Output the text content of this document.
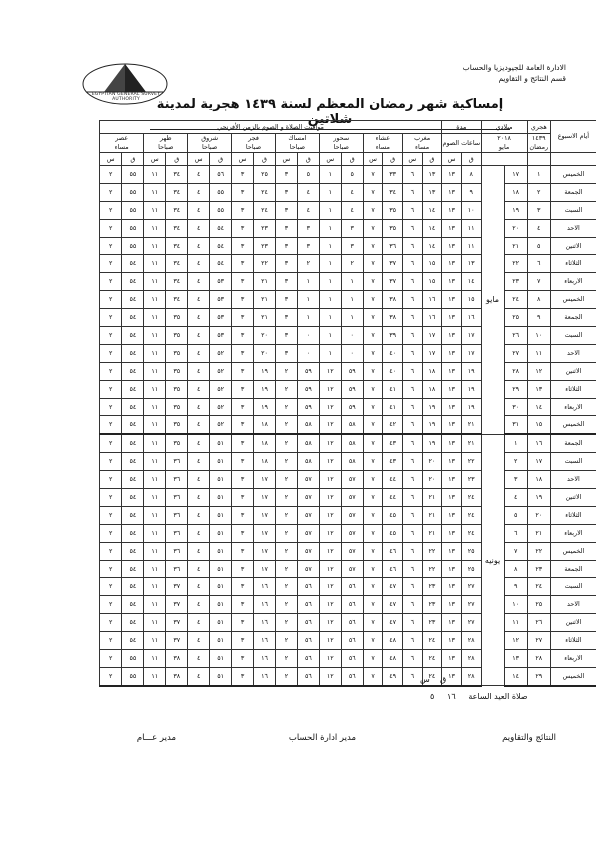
الادارة العامة للجيوديزيا والحساب
قسم النتائج و التقاويم
EGYPTIAN GENERAL SURVEY AUTHORITY	إمساكية شهر رمضان المعظم لسنة ١٤٣٩ هجرية لمدينة شلاتين
أيام الاسبوع	هجري	ميلادي		مدة		مواقيت الصلاة و الصوم بالزمن الأفرنجي															
	١٤٣٩
رمضان	٢٠١٨
مايو		ساعات الصوم		مغرب
مساء		عشاء
مساء		سحور
صباحا		امساك
صباحا		فجر
صباحا		شروق
صباحا		ظهر
صباحا		عصر
مساء	
				ق	س	ق	س	ق	س	ق	س	ق	س	ق	س	ق	س	ق	س	ق	س
الخميس	١	١٧	مايو	٨	١٣	١٣	٦	٣٣	٧	٥	١	٥	٣	٢٥	٣	٥٦	٤	٣٤	١١	٥٥	٢
الجمعة	٢	١٨		٩	١٣	١٣	٦	٣٤	٧	٤	١	٤	٣	٢٤	٣	٥٥	٤	٣٤	١١	٥٥	٢
السبت	٣	١٩		١٠	١٣	١٤	٦	٣٥	٧	٤	١	٤	٣	٢٤	٣	٥٥	٤	٣٤	١١	٥٥	٢
الاحد	٤	٢٠		١١	١٣	١٤	٦	٣٥	٧	٣	١	٣	٣	٢٣	٣	٥٤	٤	٣٤	١١	٥٥	٢
الاثنين	٥	٢١		١١	١٣	١٤	٦	٣٦	٧	٣	١	٣	٣	٢٣	٣	٥٤	٤	٣٤	١١	٥٥	٢
الثلاثاء	٦	٢٢		١٣	١٣	١٥	٦	٣٧	٧	٢	١	٢	٣	٢٢	٣	٥٤	٤	٣٤	١١	٥٤	٢
الاربعاء	٧	٢٣		١٤	١٣	١٥	٦	٣٧	٧	١	١	١	٣	٢١	٣	٥٣	٤	٣٤	١١	٥٤	٢
الخميس	٨	٢٤		١٥	١٣	١٦	٦	٣٨	٧	١	١	١	٣	٢١	٣	٥٣	٤	٣٤	١١	٥٤	٢
الجمعة	٩	٢٥		١٦	١٣	١٦	٦	٣٨	٧	١	١	١	٣	٢١	٣	٥٣	٤	٣٥	١١	٥٤	٢
السبت	١٠	٢٦		١٧	١٣	١٧	٦	٣٩	٧	٠	١	٠	٣	٢٠	٣	٥٣	٤	٣٥	١١	٥٤	٢
الاحد	١١	٢٧		١٧	١٣	١٧	٦	٤٠	٧	٠	١	٠	٣	٢٠	٣	٥٢	٤	٣٥	١١	٥٤	٢
الاثنين	١٢	٢٨		١٩	١٣	١٨	٦	٤٠	٧	٥٩	١٢	٥٩	٢	١٩	٣	٥٢	٤	٣٥	١١	٥٤	٢
الثلاثاء	١٣	٢٩		١٩	١٣	١٨	٦	٤١	٧	٥٩	١٢	٥٩	٢	١٩	٣	٥٢	٤	٣٥	١١	٥٤	٢
الاربعاء	١٤	٣٠		١٩	١٣	١٩	٦	٤١	٧	٥٩	١٢	٥٩	٢	١٩	٣	٥٢	٤	٣٥	١١	٥٤	٢
الخميس	١٥	٣١		٢١	١٣	١٩	٦	٤٢	٧	٥٨	١٢	٥٨	٢	١٨	٣	٥٢	٤	٣٥	١١	٥٤	٢
الجمعة	١٦	١	يونيه	٢١	١٣	١٩	٦	٤٣	٧	٥٨	١٢	٥٨	٢	١٨	٣	٥١	٤	٣٥	١١	٥٤	٢
السبت	١٧	٢		٢٢	١٣	٢٠	٦	٤٣	٧	٥٨	١٢	٥٨	٢	١٨	٣	٥١	٤	٣٦	١١	٥٤	٢
الاحد	١٨	٣		٢٣	١٣	٢٠	٦	٤٤	٧	٥٧	١٢	٥٧	٢	١٧	٣	٥١	٤	٣٦	١١	٥٤	٢
الاثنين	١٩	٤		٢٤	١٣	٢١	٦	٤٤	٧	٥٧	١٢	٥٧	٢	١٧	٣	٥١	٤	٣٦	١١	٥٤	٢
الثلاثاء	٢٠	٥		٢٤	١٣	٢١	٦	٤٥	٧	٥٧	١٢	٥٧	٢	١٧	٣	٥١	٤	٣٦	١١	٥٤	٢
الاربعاء	٢١	٦		٢٤	١٣	٢١	٦	٤٥	٧	٥٧	١٢	٥٧	٢	١٧	٣	٥١	٤	٣٦	١١	٥٤	٢
الخميس	٢٢	٧		٢٥	١٣	٢٢	٦	٤٦	٧	٥٧	١٢	٥٧	٢	١٧	٣	٥١	٤	٣٦	١١	٥٤	٢
الجمعة	٢٣	٨		٢٥	١٣	٢٢	٦	٤٦	٧	٥٧	١٢	٥٧	٢	١٧	٣	٥١	٤	٣٦	١١	٥٤	٢
السبت	٢٤	٩		٢٧	١٣	٢٣	٦	٤٧	٧	٥٦	١٢	٥٦	٢	١٦	٣	٥١	٤	٣٧	١١	٥٤	٢
الاحد	٢٥	١٠		٢٧	١٣	٢٣	٦	٤٧	٧	٥٦	١٢	٥٦	٢	١٦	٣	٥١	٤	٣٧	١١	٥٤	٢
الاثنين	٢٦	١١		٢٧	١٣	٢٣	٦	٤٧	٧	٥٦	١٢	٥٦	٢	١٦	٣	٥١	٤	٣٧	١١	٥٤	٢
الثلاثاء	٢٧	١٢		٢٨	١٣	٢٤	٦	٤٨	٧	٥٦	١٢	٥٦	٢	١٦	٣	٥١	٤	٣٧	١١	٥٤	٢
الاربعاء	٢٨	١٣		٢٨	١٣	٢٤	٦	٤٨	٧	٥٦	١٢	٥٦	٢	١٦	٣	٥١	٤	٣٨	١١	٥٥	٢
الخميس	٢٩	١٤		٢٨	١٣	٢٤	٦	٤٩	٧	٥٦	١٢	٥٦	٢	١٦	٣	٥١	٤	٣٨	١١	٥٥	٢	ق    س
صلاة العيد الساعة     ١٦     ٥
النتائج والتقاويم
مدير ادارة الحساب
مدير عـــام
